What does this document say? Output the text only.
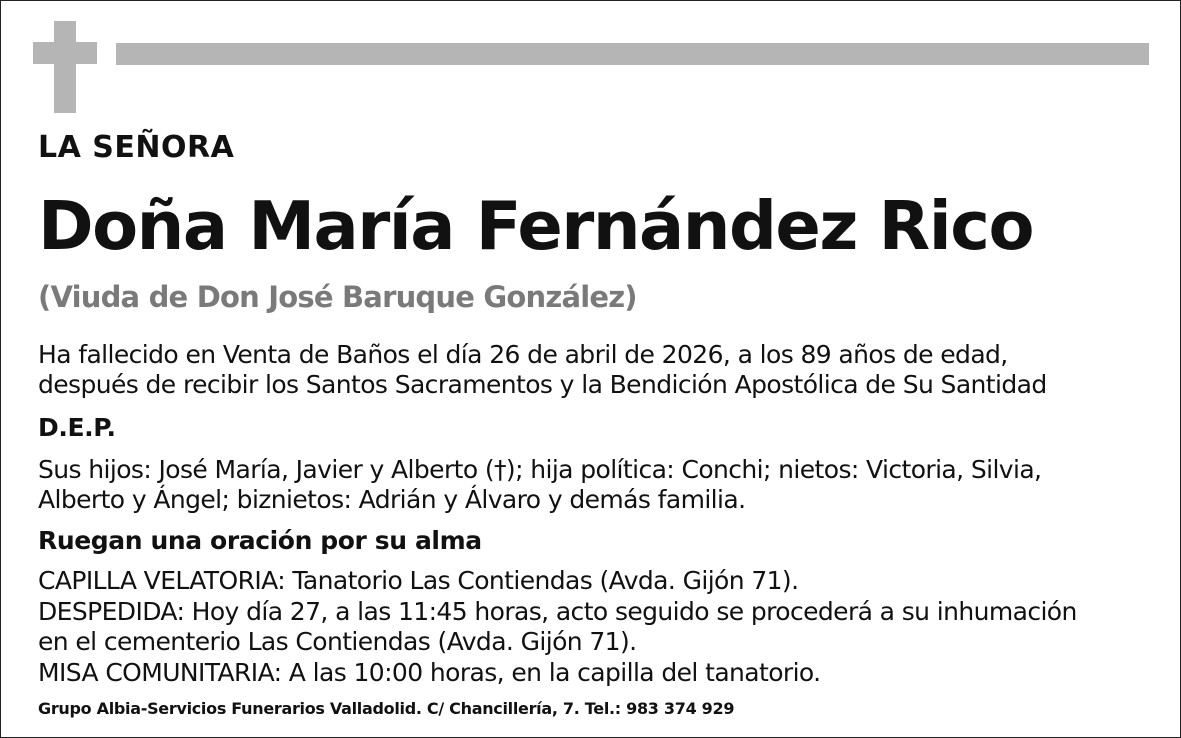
LA SEÑORA
Doña María Fernández Rico
(Viuda de Don José Baruque González)
Ha fallecido en Venta de Baños el día 26 de abril de 2026, a los 89 años de edad,
después de recibir los Santos Sacramentos y la Bendición Apostólica de Su Santidad
D.E.P.
Sus hijos: José María, Javier y Alberto (†); hija política: Conchi; nietos: Victoria, Silvia,
Alberto y Ángel; biznietos: Adrián y Álvaro y demás familia.
Ruegan una oración por su alma
CAPILLA VELATORIA: Tanatorio Las Contiendas (Avda. Gijón 71).
DESPEDIDA: Hoy día 27, a las 11:45 horas, acto seguido se procederá a su inhumación
en el cementerio Las Contiendas (Avda. Gijón 71).
MISA COMUNITARIA: A las 10:00 horas, en la capilla del tanatorio.
Grupo Albia-Servicios Funerarios Valladolid. C/ Chancillería, 7. Tel.: 983 374 929
